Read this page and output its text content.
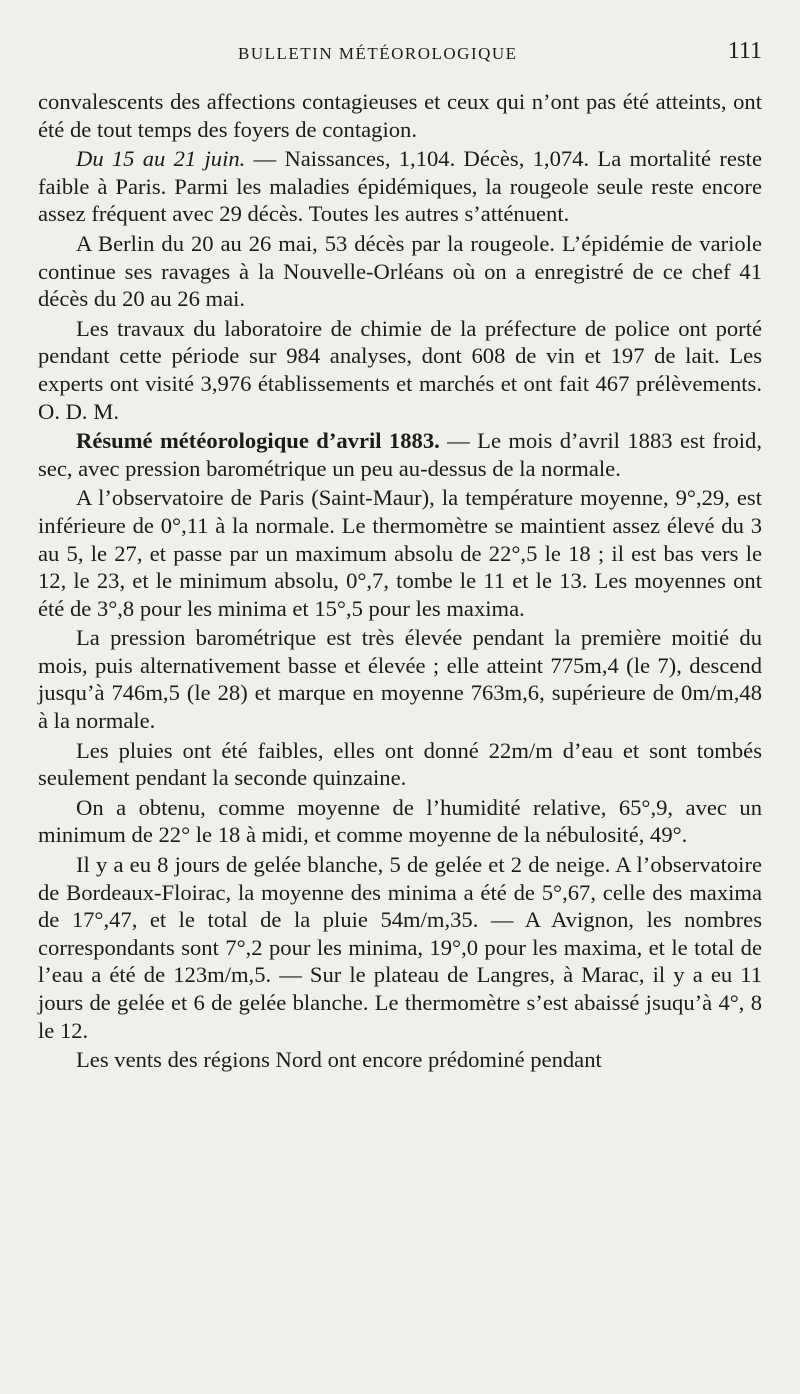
BULLETIN MÉTÉOROLOGIQUE	111

convalescents des affections contagieuses et ceux qui n’ont pas été atteints, ont été de tout temps des foyers de contagion.

Du 15 au 21 juin. — Naissances, 1,104. Décès, 1,074. La mortalité reste faible à Paris. Parmi les maladies épidémiques, la rougeole seule reste encore assez fréquent avec 29 décès. Toutes les autres s’atténuent.

A Berlin du 20 au 26 mai, 53 décès par la rougeole. L’épidémie de variole continue ses ravages à la Nouvelle-Orléans où on a enregistré de ce chef 41 décès du 20 au 26 mai.

Les travaux du laboratoire de chimie de la préfecture de police ont porté pendant cette période sur 984 analyses, dont 608 de vin et 197 de lait. Les experts ont visité 3,976 établissements et marchés et ont fait 467 prélèvements. O. D. M.

Résumé météorologique d’avril 1883. — Le mois d’avril 1883 est froid, sec, avec pression barométrique un peu au-dessus de la normale.

A l’observatoire de Paris (Saint-Maur), la température moyenne, 9°,29, est inférieure de 0°,11 à la normale. Le thermomètre se maintient assez élevé du 3 au 5, le 27, et passe par un maximum absolu de 22°,5 le 18 ; il est bas vers le 12, le 23, et le minimum absolu, 0°,7, tombe le 11 et le 13. Les moyennes ont été de 3°,8 pour les minima et 15°,5 pour les maxima.

La pression barométrique est très élevée pendant la première moitié du mois, puis alternativement basse et élevée ; elle atteint 775m,4 (le 7), descend jusqu’à 746m,5 (le 28) et marque en moyenne 763m,6, supérieure de 0m/m,48 à la normale.

Les pluies ont été faibles, elles ont donné 22m/m d’eau et sont tombés seulement pendant la seconde quinzaine.

On a obtenu, comme moyenne de l’humidité relative, 65°,9, avec un minimum de 22° le 18 à midi, et comme moyenne de la nébulosité, 49°.

Il y a eu 8 jours de gelée blanche, 5 de gelée et 2 de neige. A l’observatoire de Bordeaux-Floirac, la moyenne des minima a été de 5°,67, celle des maxima de 17°,47, et le total de la pluie 54m/m,35. — A Avignon, les nombres correspondants sont 7°,2 pour les minima, 19°,0 pour les maxima, et le total de l’eau a été de 123m/m,5. — Sur le plateau de Langres, à Marac, il y a eu 11 jours de gelée et 6 de gelée blanche. Le thermomètre s’est abaissé jsuqu’à 4°, 8 le 12.

Les vents des régions Nord ont encore prédominé pendant
